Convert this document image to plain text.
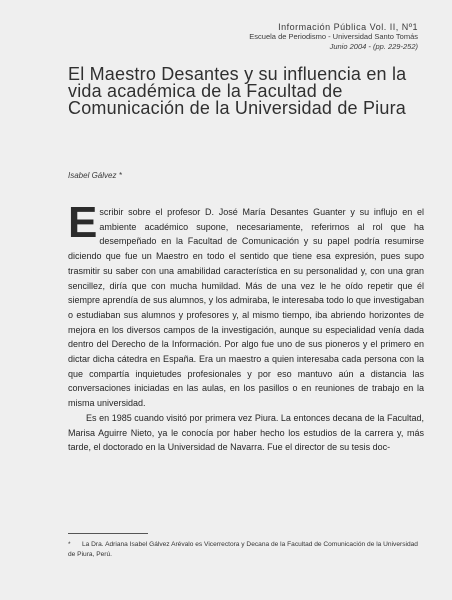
Información Pública Vol. II, Nº1
Escuela de Periodismo - Universidad Santo Tomás
Junio 2004 - (pp. 229-252)
El Maestro Desantes y su influencia en la vida académica de la Facultad de Comunicación de la Universidad de Piura
Isabel Gálvez *

Escribir sobre el profesor D. José María Desantes Guanter y su influjo en el ambiente académico supone, necesariamente, referirnos al rol que ha desempeñado en la Facultad de Comunicación y su papel podría resumirse diciendo que fue un Maestro en todo el sentido que tiene esa expresión, pues supo trasmitir su saber con una amabilidad característica en su personalidad y, con una gran sencillez, diría que con mucha humildad. Más de una vez le he oído repetir que él siempre aprendía de sus alumnos, y los admiraba, le interesaba todo lo que investigaban o estudiaban sus alumnos y profesores y, al mismo tiempo, iba abriendo horizontes de mejora en los diversos campos de la investigación, aunque su especialidad venía dada dentro del Derecho de la Información. Por algo fue uno de sus pioneros y el primero en dictar dicha cátedra en España. Era un maestro a quien interesaba cada persona con la que compartía inquietudes profesionales y por eso mantuvo aún a distancia las conversaciones iniciadas en las aulas, en los pasillos o en reuniones de trabajo en la misma universidad.

Es en 1985 cuando visitó por primera vez Piura. La entonces decana de la Facultad, Marisa Aguirre Nieto, ya le conocía por haber hecho los estudios de la carrera y, más tarde, el doctorado en la Universidad de Navarra. Fue el director de su tesis doc-

* La Dra. Adriana Isabel Gálvez Arévalo es Vicerrectora y Decana de la Facultad de Comunicación de la Universidad de Piura, Perú.
